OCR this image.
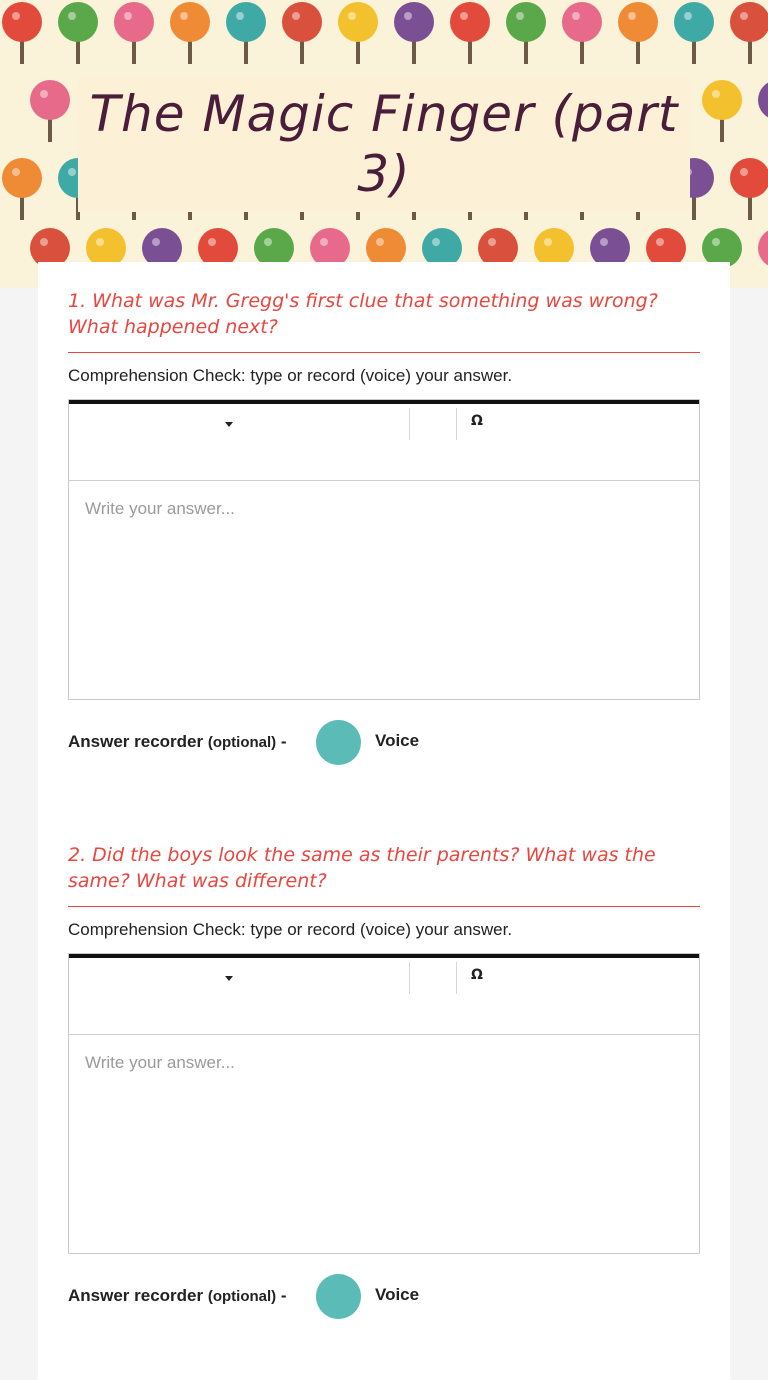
The Magic Finger (part 3)

1. What was Mr. Gregg's first clue that something was wrong? What happened next?

Comprehension Check: type or record (voice) your answer.
Ω
Write your answer...
Answer recorder (optional) -	Voice

2. Did the boys look the same as their parents? What was the same? What was different?

Comprehension Check: type or record (voice) your answer.
Ω
Write your answer...
Answer recorder (optional) -	Voice
